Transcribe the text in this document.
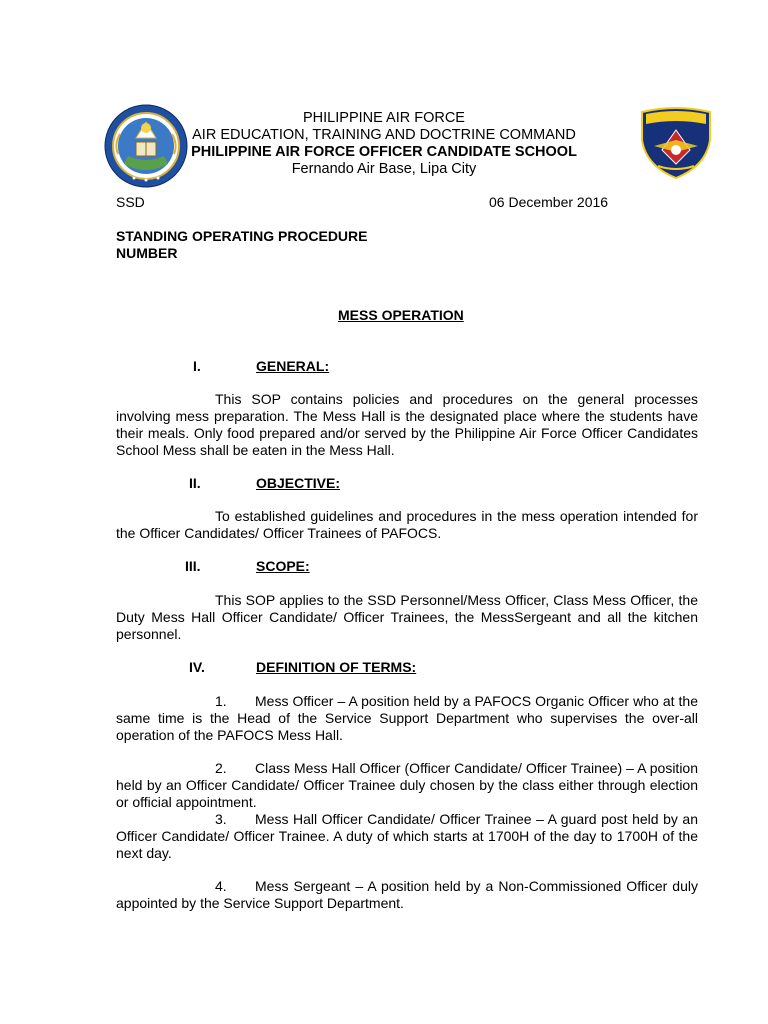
PHILIPPINE AIR FORCE
AIR EDUCATION, TRAINING AND DOCTRINE COMMAND
PHILIPPINE AIR FORCE OFFICER CANDIDATE SCHOOL
Fernando Air Base, Lipa City
SSD	06 December 2016
STANDING OPERATING PROCEDURE
NUMBER
MESS OPERATION
I.	GENERAL:
This SOP contains policies and procedures on the general processes involving mess preparation. The Mess Hall is the designated place where the students have their meals. Only food prepared and/or served by the Philippine Air Force Officer Candidates School Mess shall be eaten in the Mess Hall.
II.	OBJECTIVE:
To established guidelines and procedures in the mess operation intended for the Officer Candidates/ Officer Trainees of PAFOCS.
III.	SCOPE:
This SOP applies to the SSD Personnel/Mess Officer, Class Mess Officer, the Duty Mess Hall Officer Candidate/ Officer Trainees, the MessSergeant and all the kitchen personnel.
IV.	DEFINITION OF TERMS:
1. Mess Officer – A position held by a PAFOCS Organic Officer who at the same time is the Head of the Service Support Department who supervises the over-all operation of the PAFOCS Mess Hall.
2. Class Mess Hall Officer (Officer Candidate/ Officer Trainee) – A position held by an Officer Candidate/ Officer Trainee duly chosen by the class either through election or official appointment.
3. Mess Hall Officer Candidate/ Officer Trainee – A guard post held by an Officer Candidate/ Officer Trainee. A duty of which starts at 1700H of the day to 1700H of the next day.
4. Mess Sergeant – A position held by a Non-Commissioned Officer duly appointed by the Service Support Department.
